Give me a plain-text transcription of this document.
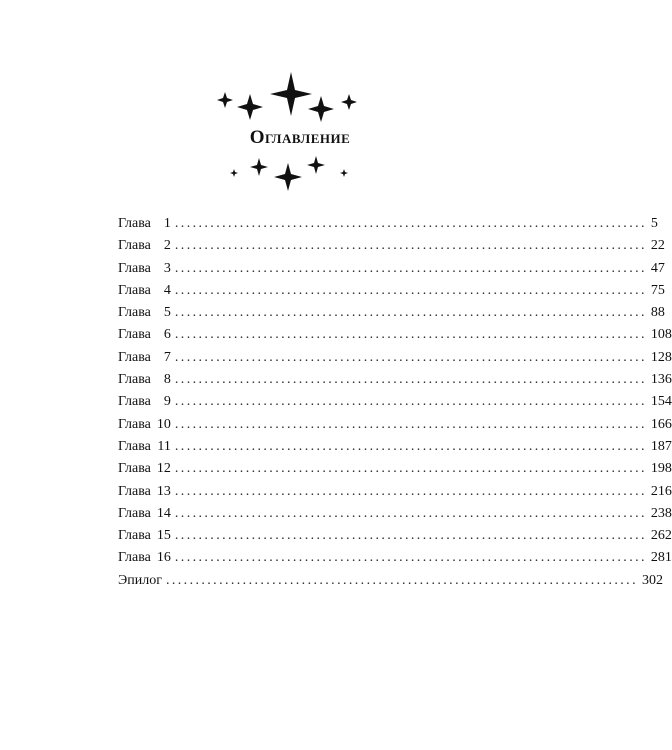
Оглавление
Глава 1 ................................................................................ 5
Глава 2 ................................................................................ 22
Глава 3 ................................................................................ 47
Глава 4 ................................................................................ 75
Глава 5 ................................................................................ 88
Глава 6 ................................................................................ 108
Глава 7 ................................................................................ 128
Глава 8 ................................................................................ 136
Глава 9 ................................................................................ 154
Глава 10 ................................................................................ 166
Глава 11 ................................................................................ 187
Глава 12 ................................................................................ 198
Глава 13 ................................................................................ 216
Глава 14 ................................................................................ 238
Глава 15 ................................................................................ 262
Глава 16 ................................................................................ 281
Эпилог ................................................................................ 302
